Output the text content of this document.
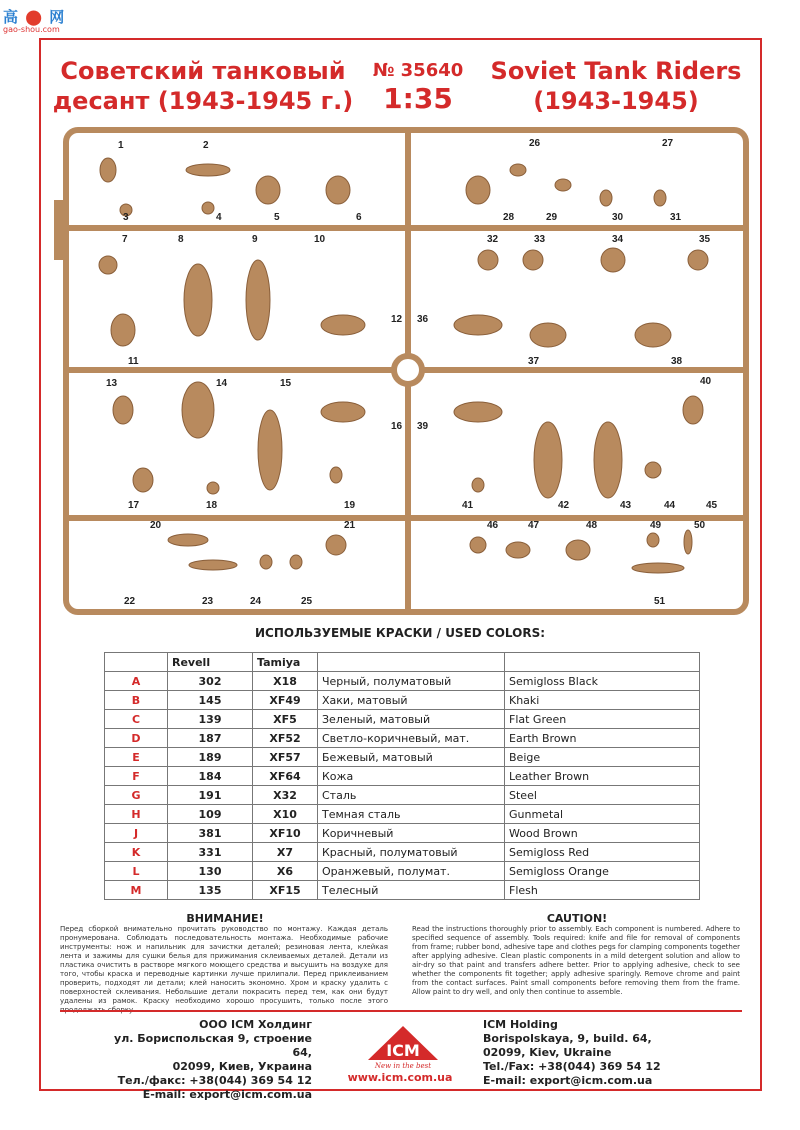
高 ⬤ 网
gao-shou.com
Советский танковый
десант (1943-1945 г.)
№ 35640
1:35
Soviet Tank Riders
(1943-1945)
1	2
3	4	5	6
7	8	9	10
11
12
13	14	15
16
17	18	19
20	21
22	23	24	25
26	27
28	29	30	31
32	33	34	35
36
37	38
39
40
41	42	43	44	45
46	47	48	49	50
51
ИСПОЛЬЗУЕМЫЕ КРАСКИ / USED COLORS:
	Revell	Tamiya		
A	302	X18	Черный, полуматовый	Semigloss Black
B	145	XF49	Хаки, матовый	Khaki
C	139	XF5	Зеленый, матовый	Flat Green
D	187	XF52	Светло-коричневый, мат.	Earth Brown
E	189	XF57	Бежевый, матовый	Beige
F	184	XF64	Кожа	Leather Brown
G	191	X32	Сталь	Steel
H	109	X10	Темная сталь	Gunmetal
J	381	XF10	Коричневый	Wood Brown
K	331	X7	Красный, полуматовый	Semigloss Red
L	130	X6	Оранжевый, полумат.	Semigloss Orange
M	135	XF15	Телесный	Flesh
ВНИМАНИЕ!
Перед сборкой внимательно прочитать руководство по монтажу. Каждая деталь пронумерована. Соблюдать последовательность монтажа. Необходимые рабочие инструменты: нож и напильник для зачистки деталей; резиновая лента, клейкая лента и зажимы для сушки белья для прижимания склеиваемых деталей. Детали из пластика очистить в растворе мягкого моющего средства и высушить на воздухе для того, чтобы краска и переводные картинки лучше прилипали. Перед приклеиванием проверить, подходят ли детали; клей наносить экономно. Хром и краску удалить с поверхностей склеивания. Небольшие детали покрасить перед тем, как они будут удалены из рамок. Краску необходимо хорошо просушить, только после этого
CAUTION!
Read the instructions thoroughly prior to assembly. Each component is numbered. Adhere to specified sequence of assembly. Tools required: knife and file for removal of components from frame; rubber bond, adhesive tape and clothes pegs for clamping components together after applying adhesive. Clean plastic components in a mild detergent solution and allow to air-dry so that paint and transfers adhere better. Prior to applying adhesive, check to see whether the components fit together; apply adhesive sparingly. Remove chrome and paint from the contact surfaces. Paint small components before removing them from the frame. Allow paint to dry well, and only then continue to assemble.
ООО ICM Холдинг
ул. Бориспольская 9, строение 64,
02099, Киев, Украина
Тел./факс: +38(044) 369 54 12
E-mail: export@icm.com.ua
ICM
New in the best
www.icm.com.ua
ICM Holding
Borispolskaya, 9, build. 64,
02099, Kiev, Ukraine
Tel./Fax: +38(044) 369 54 12
E-mail: export@icm.com.ua
